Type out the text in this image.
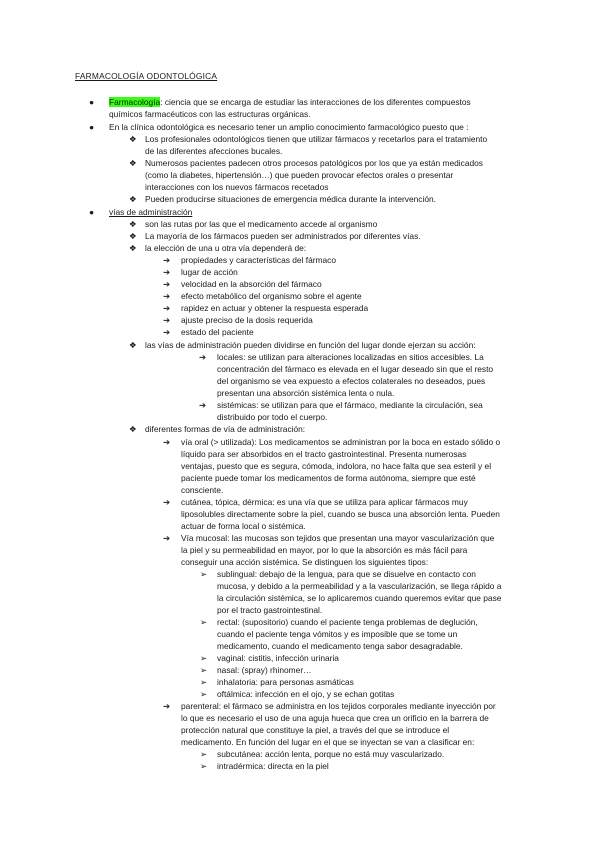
FARMACOLOGÍA ODONTOLÓGICA
● Farmacología: ciencia que se encarga de estudiar las interacciones de los diferentes compuestos
químicos farmacéuticos con las estructuras orgánicas.
● En la clínica odontológica es necesario tener un amplio conocimiento farmacológico puesto que :
❖ Los profesionales odontológicos tienen que utilizar fármacos y recetarlos para el tratamiento
de las diferentes afecciones bucales.
❖ Numerosos pacientes padecen otros procesos patológicos por los que ya están medicados
(como la diabetes, hipertensión…) que pueden provocar efectos orales o presentar
interacciones con los nuevos fármacos recetados
❖ Pueden producirse situaciones de emergencia médica durante la intervención.
● vías de administración
❖ son las rutas por las que el medicamento accede al organismo
❖ La mayoría de los fármacos pueden ser administrados por diferentes vías.
❖ la elección de una u otra vía dependerá de:
➔ propiedades y características del fármaco
➔ lugar de acción
➔ velocidad en la absorción del fármaco
➔ efecto metabólico del organismo sobre el agente
➔ rapidez en actuar y obtener la respuesta esperada
➔ ajuste preciso de la dosis requerida
➔ estado del paciente
❖ las vías de administración pueden dividirse en función del lugar donde ejerzan su acción:
➔ locales: se utilizan para alteraciones localizadas en sitios accesibles. La
concentración del fármaco es elevada en el lugar deseado sin que el resto
del organismo se vea expuesto a efectos colaterales no deseados, pues
presentan una absorción sistémica lenta o nula.
➔ sistémicas: se utilizan para que el fármaco, mediante la circulación, sea
distribuido por todo el cuerpo.
❖ diferentes formas de vía de administración:
➔ vía oral (> utilizada): Los medicamentos se administran por la boca en estado sólido o
líquido para ser absorbidos en el tracto gastrointestinal. Presenta numerosas
ventajas, puesto que es segura, cómoda, indolora, no hace falta que sea esteril y el
paciente puede tomar los medicamentos de forma autónoma, siempre que esté
consciente.
➔ cutánea, tópica, dérmica: es una vía que se utiliza para aplicar fármacos muy
liposolubles directamente sobre la piel, cuando se busca una absorción lenta. Pueden
actuar de forma local o sistémica.
➔ Vía mucosal: las mucosas son tejidos que presentan una mayor vascularización que
la piel y su permeabilidad en mayor, por lo que la absorción es más fácil para
conseguir una acción sistémica. Se distinguen los siguientes tipos:
➢ sublingual: debajo de la lengua, para que se disuelve en contacto con
mucosa, y debido a la permeabilidad y a la vascularización, se llega rápido a
la circulación sistémica, se lo aplicaremos cuando queremos evitar que pase
por el tracto gastrointestinal.
➢ rectal: (supositorio) cuando el paciente tenga problemas de deglución,
cuando el paciente tenga vómitos y es imposible que se tome un
medicamento, cuando el medicamento tenga sabor desagradable.
➢ vaginal: cistitis, infección urinaria
➢ nasal: (spray) rhinomer…
➢ inhalatoria: para personas asmáticas
➢ oftálmica: infección en el ojo, y se echan gotitas
➔ parenteral: el fármaco se administra en los tejidos corporales mediante inyección por
lo que es necesario el uso de una aguja hueca que crea un orificio en la barrera de
protección natural que constituye la piel, a través del que se introduce el
medicamento. En función del lugar en el que se inyectan se van a clasificar en:
➢ subcutánea: acción lenta, porque no está muy vascularizado.
➢ intradérmica: directa en la piel
